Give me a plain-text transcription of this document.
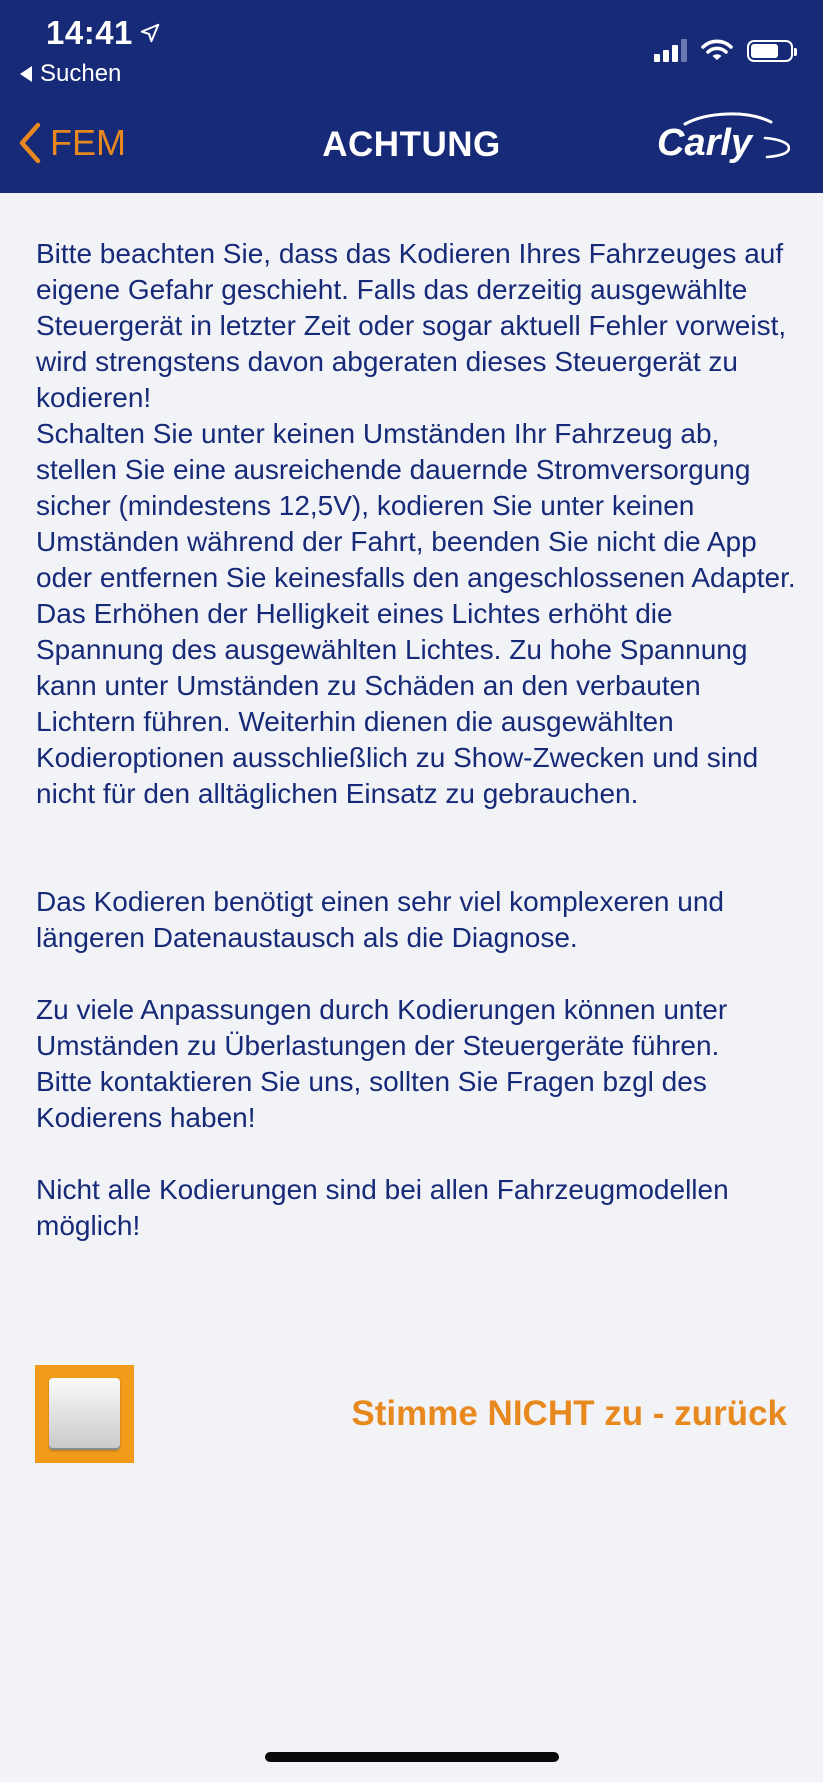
14:41
Suchen
FEM	ACHTUNG	Carly

Bitte beachten Sie, dass das Kodieren Ihres Fahrzeuges auf eigene Gefahr geschieht. Falls das derzeitig ausgewählte Steuergerät in letzter Zeit oder sogar aktuell Fehler vorweist, wird strengstens davon abgeraten dieses Steuergerät zu kodieren!
Schalten Sie unter keinen Umständen Ihr Fahrzeug ab, stellen Sie eine ausreichende dauernde Stromversorgung sicher (mindestens 12,5V), kodieren Sie unter keinen Umständen während der Fahrt, beenden Sie nicht die App oder entfernen Sie keinesfalls den angeschlossenen Adapter. Das Erhöhen der Helligkeit eines Lichtes erhöht die Spannung des ausgewählten Lichtes. Zu hohe Spannung kann unter Umständen zu Schäden an den verbauten Lichtern führen. Weiterhin dienen die ausgewählten Kodieroptionen ausschließlich zu Show-Zwecken und sind nicht für den alltäglichen Einsatz zu gebrauchen.

Das Kodieren benötigt einen sehr viel komplexeren und längeren Datenaustausch als die Diagnose.

Zu viele Anpassungen durch Kodierungen können unter Umständen zu Überlastungen der Steuergeräte führen.
Bitte kontaktieren Sie uns, sollten Sie Fragen bzgl des Kodierens haben!

Nicht alle Kodierungen sind bei allen Fahrzeugmodellen möglich!

Stimme NICHT zu - zurück
